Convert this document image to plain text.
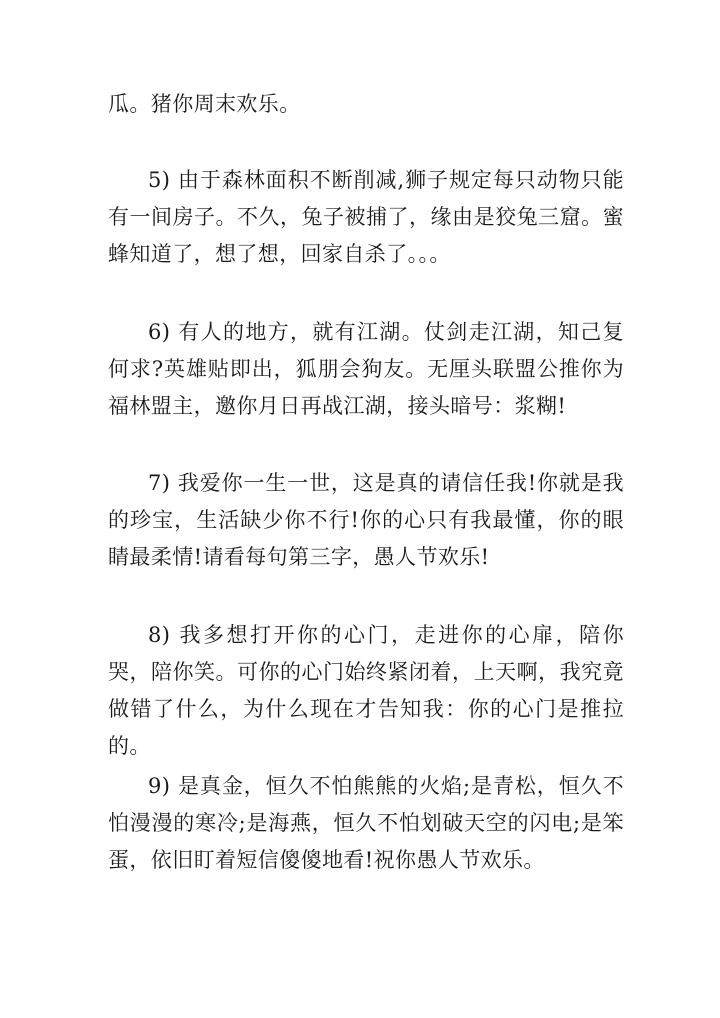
瓜。猪你周末欢乐。

5) 由于森林面积不断削减,狮子规定每只动物只能有一间房子。不久，兔子被捕了，缘由是狡兔三窟。蜜蜂知道了，想了想，回家自杀了。。。

6) 有人的地方，就有江湖。仗剑走江湖，知己复何求?英雄贴即出，狐朋会狗友。无厘头联盟公推你为福林盟主，邀你月日再战江湖，接头暗号：浆糊!

7) 我爱你一生一世，这是真的请信任我!你就是我的珍宝，生活缺少你不行!你的心只有我最懂，你的眼睛最柔情!请看每句第三字，愚人节欢乐!

8) 我多想打开你的心门，走进你的心扉，陪你哭，陪你笑。可你的心门始终紧闭着，上天啊，我究竟做错了什么，为什么现在才告知我：你的心门是推拉的。

9) 是真金，恒久不怕熊熊的火焰;是青松，恒久不怕漫漫的寒冷;是海燕，恒久不怕划破天空的闪电;是笨蛋，依旧盯着短信傻傻地看!祝你愚人节欢乐。
